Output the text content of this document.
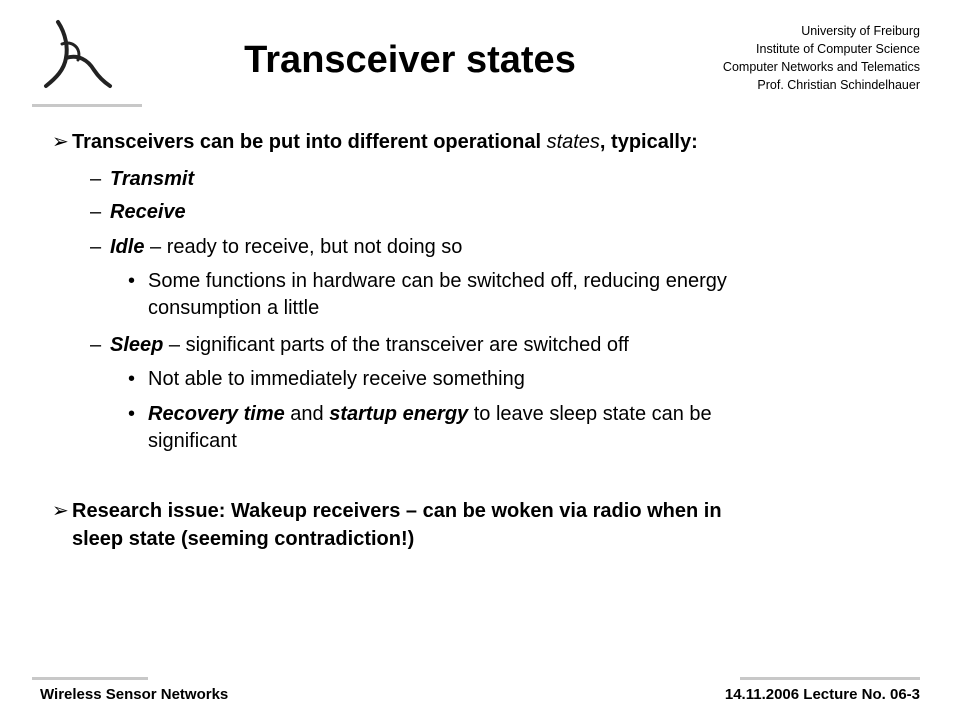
Transceiver states
University of Freiburg
Institute of Computer Science
Computer Networks and Telematics
Prof. Christian Schindelhauer
➢ Transceivers can be put into different operational states, typically:
– Transmit
– Receive
– Idle – ready to receive, but not doing so
• Some functions in hardware can be switched off, reducing energy
consumption a little
– Sleep – significant parts of the transceiver are switched off
• Not able to immediately receive something
• Recovery time and startup energy to leave sleep state can be
significant
➢ Research issue: Wakeup receivers – can be woken via radio when in
sleep state (seeming contradiction!)
Wireless Sensor Networks	14.11.2006 Lecture No. 06-3
